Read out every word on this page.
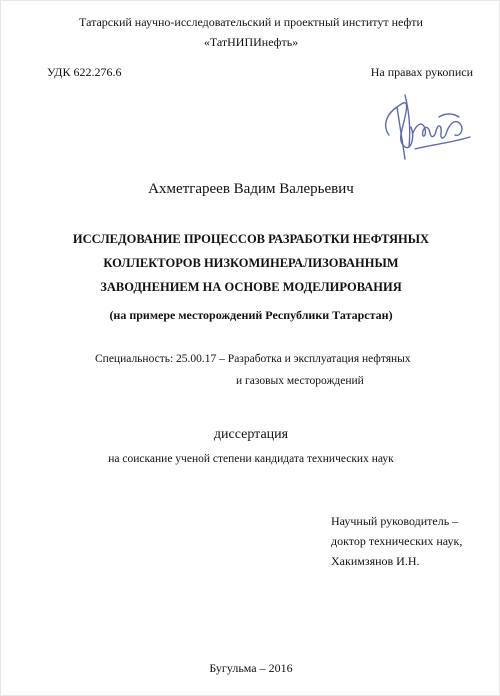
Татарский научно-исследовательский и проектный институт нефти
«ТатНИПИнефть»
УДК 622.276.6	На правах рукописи
Ахметгареев Вадим Валерьевич
ИССЛЕДОВАНИЕ ПРОЦЕССОВ РАЗРАБОТКИ НЕФТЯНЫХ
КОЛЛЕКТОРОВ НИЗКОМИНЕРАЛИЗОВАННЫМ
ЗАВОДНЕНИЕМ НА ОСНОВЕ МОДЕЛИРОВАНИЯ
(на примере месторождений Республики Татарстан)
Специальность: 25.00.17 – Разработка и эксплуатация нефтяных
и газовых месторождений
диссертация
на соискание ученой степени кандидата технических наук
Научный руководитель –
доктор технических наук,
Хакимзянов И.Н.
Бугульма – 2016
